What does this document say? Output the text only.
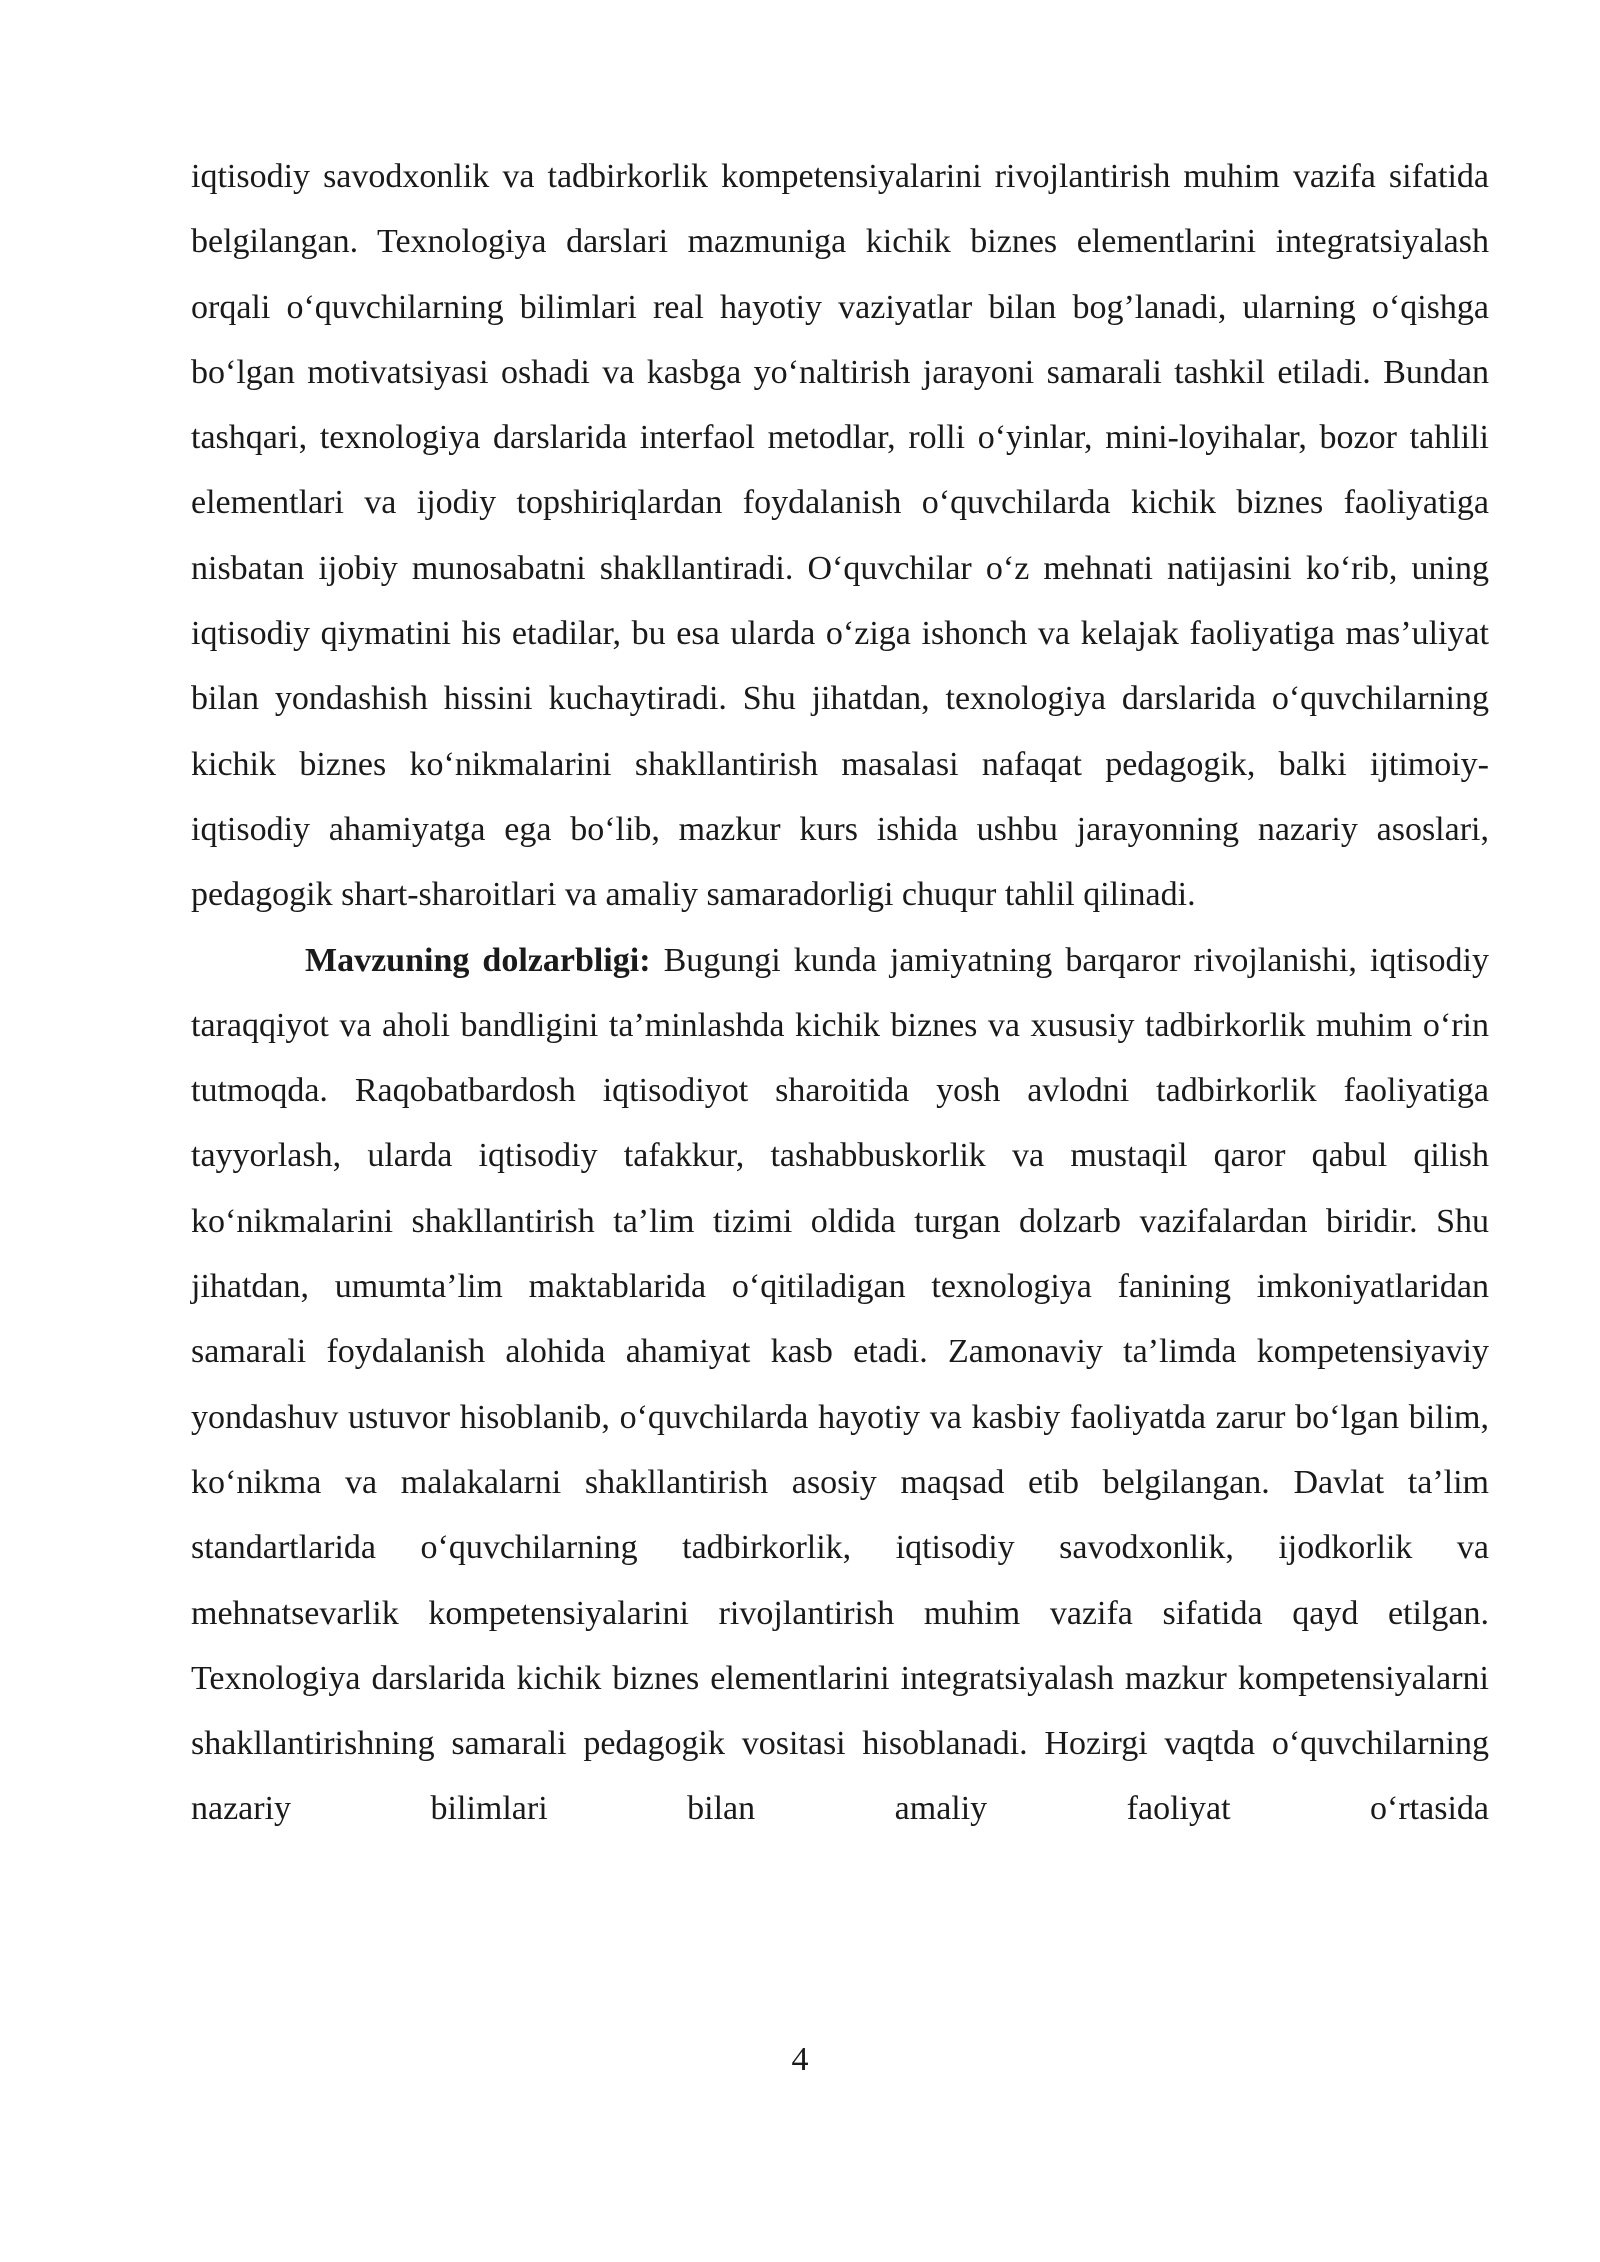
iqtisodiy savodxonlik va tadbirkorlik kompetensiyalarini rivojlantirish muhim vazifa sifatida belgilangan. Texnologiya darslari mazmuniga kichik biznes elementlarini integratsiyalash orqali o‘quvchilarning bilimlari real hayotiy vaziyatlar bilan bog’lanadi, ularning o‘qishga bo‘lgan motivatsiyasi oshadi va kasbga yo‘naltirish jarayoni samarali tashkil etiladi. Bundan tashqari, texnologiya darslarida interfaol metodlar, rolli o‘yinlar, mini-loyihalar, bozor tahlili elementlari va ijodiy topshiriqlardan foydalanish o‘quvchilarda kichik biznes faoliyatiga nisbatan ijobiy munosabatni shakllantiradi. O‘quvchilar o‘z mehnati natijasini ko‘rib, uning iqtisodiy qiymatini his etadilar, bu esa ularda o‘ziga ishonch va kelajak faoliyatiga mas’uliyat bilan yondashish hissini kuchaytiradi. Shu jihatdan, texnologiya darslarida o‘quvchilarning kichik biznes ko‘nikmalarini shakllantirish masalasi nafaqat pedagogik, balki ijtimoiy-iqtisodiy ahamiyatga ega bo‘lib, mazkur kurs ishida ushbu jarayonning nazariy asoslari, pedagogik shart-sharoitlari va amaliy samaradorligi chuqur tahlil qilinadi.

Mavzuning dolzarbligi: Bugungi kunda jamiyatning barqaror rivojlanishi, iqtisodiy taraqqiyot va aholi bandligini ta’minlashda kichik biznes va xususiy tadbirkorlik muhim o‘rin tutmoqda. Raqobatbardosh iqtisodiyot sharoitida yosh avlodni tadbirkorlik faoliyatiga tayyorlash, ularda iqtisodiy tafakkur, tashabbuskorlik va mustaqil qaror qabul qilish ko‘nikmalarini shakllantirish ta’lim tizimi oldida turgan dolzarb vazifalardan biridir. Shu jihatdan, umumta’lim maktablarida o‘qitiladigan texnologiya fanining imkoniyatlaridan samarali foydalanish alohida ahamiyat kasb etadi. Zamonaviy ta’limda kompetensiyaviy yondashuv ustuvor hisoblanib, o‘quvchilarda hayotiy va kasbiy faoliyatda zarur bo‘lgan bilim, ko‘nikma va malakalarni shakllantirish asosiy maqsad etib belgilangan. Davlat ta’lim standartlarida o‘quvchilarning tadbirkorlik, iqtisodiy savodxonlik, ijodkorlik va mehnatsevarlik kompetensiyalarini rivojlantirish muhim vazifa sifatida qayd etilgan. Texnologiya darslarida kichik biznes elementlarini integratsiyalash mazkur kompetensiyalarni shakllantirishning samarali pedagogik vositasi hisoblanadi. Hozirgi vaqtda o‘quvchilarning nazariy bilimlari bilan amaliy faoliyat o‘rtasida

4
